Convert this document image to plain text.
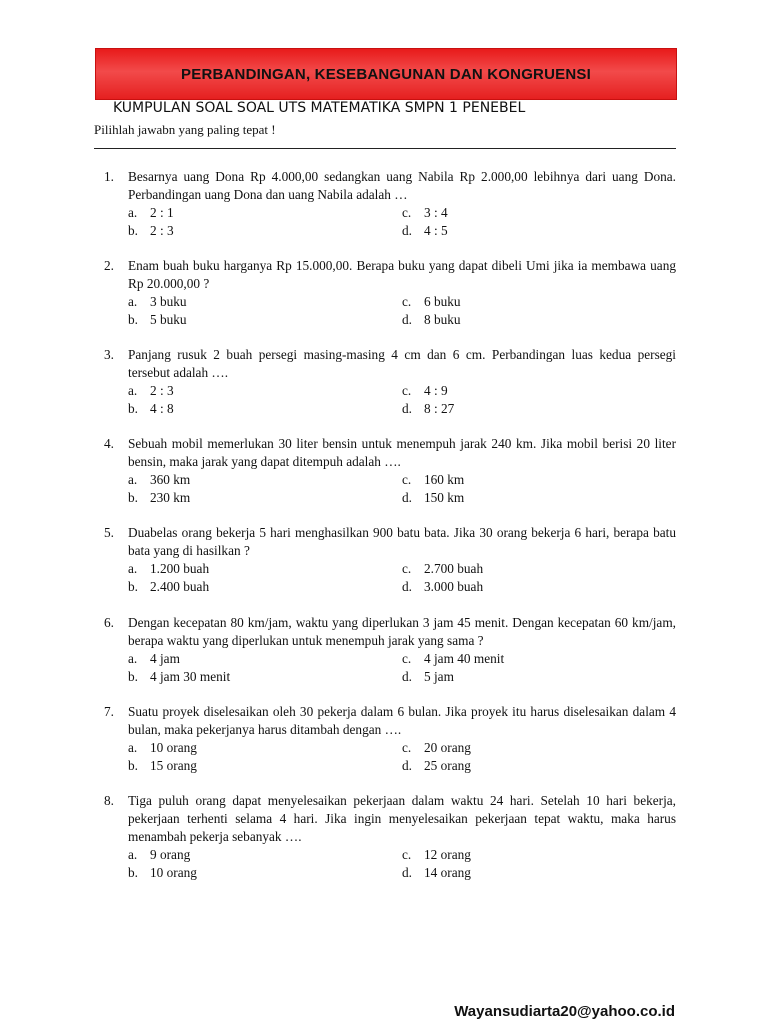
PERBANDINGAN, KESEBANGUNAN DAN KONGRUENSI
KUMPULAN SOAL SOAL UTS MATEMATIKA SMPN 1 PENEBEL
Pilihlah jawabn yang paling tepat !
1.	Besarnya uang Dona Rp 4.000,00 sedangkan uang Nabila Rp 2.000,00 lebihnya dari uang Dona. Perbandingan uang Dona dan uang Nabila adalah …
a. 2 : 1	c. 3 : 4
b. 2 : 3	d. 4 : 5
2.	Enam buah buku harganya Rp 15.000,00. Berapa buku yang dapat dibeli Umi jika ia membawa uang Rp 20.000,00 ?
a. 3 buku	c. 6 buku
b. 5 buku	d. 8 buku
3.	Panjang rusuk 2 buah persegi masing-masing 4 cm dan 6 cm. Perbandingan luas kedua persegi tersebut adalah ….
a. 2 : 3	c. 4 : 9
b. 4 : 8	d. 8 : 27
4.	Sebuah mobil memerlukan 30 liter bensin untuk menempuh jarak 240 km. Jika mobil berisi 20 liter bensin, maka jarak yang dapat ditempuh adalah ….
a. 360 km	c. 160 km
b. 230 km	d. 150 km
5.	Duabelas orang bekerja 5 hari menghasilkan 900 batu bata. Jika 30 orang bekerja 6 hari, berapa batu bata yang di hasilkan ?
a. 1.200 buah	c. 2.700 buah
b. 2.400 buah	d. 3.000 buah
6.	Dengan kecepatan 80 km/jam, waktu yang diperlukan 3 jam 45 menit. Dengan kecepatan 60 km/jam, berapa waktu yang diperlukan untuk menempuh jarak yang sama ?
a. 4 jam	c. 4 jam 40 menit
b. 4 jam 30 menit	d. 5 jam
7.	Suatu proyek diselesaikan oleh 30 pekerja dalam 6 bulan. Jika proyek itu harus diselesaikan dalam 4 bulan, maka pekerjanya harus ditambah dengan ….
a. 10 orang	c. 20 orang
b. 15 orang	d. 25 orang
8.	Tiga puluh orang dapat menyelesaikan pekerjaan dalam waktu 24 hari. Setelah 10 hari bekerja, pekerjaan terhenti selama 4 hari. Jika ingin menyelesaikan pekerjaan tepat waktu, maka harus menambah pekerja sebanyak ….
a. 9 orang	c. 12 orang
b. 10 orang	d. 14 orang
Wayansudiarta20@yahoo.co.id
